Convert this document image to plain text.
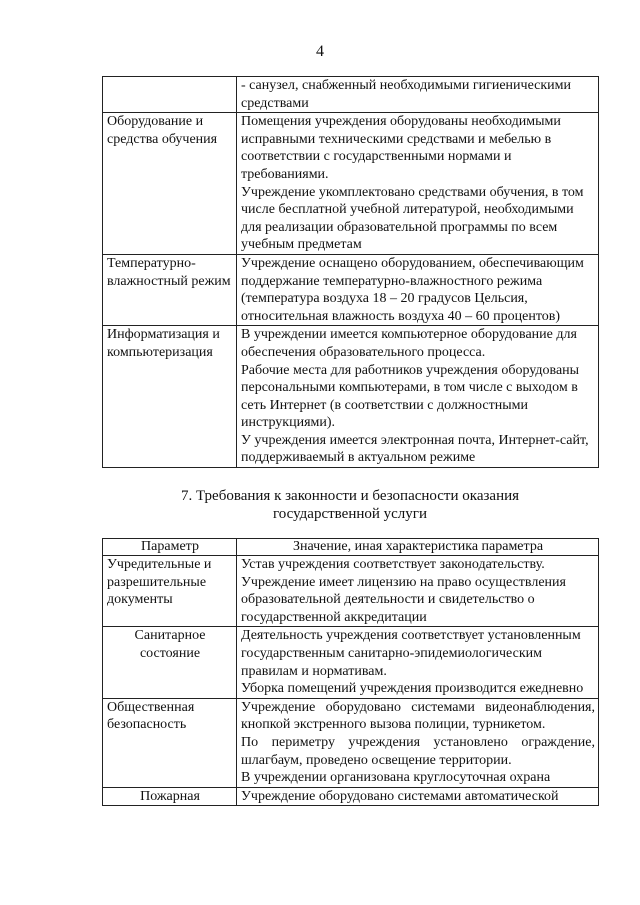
4

	- санузел, снабженный необходимыми гигиеническими средствами

Оборудование и средства обучения	Помещения учреждения оборудованы необходимыми исправными техническими средствами и мебелью в соответствии с государственными нормами и требованиями.
Учреждение укомплектовано средствами обучения, в том числе бесплатной учебной литературой, необходимыми для реализации образовательной программы по всем учебным предметам

Температурно-влажностный режим	Учреждение оснащено оборудованием, обеспечивающим поддержание температурно-влажностного режима (температура воздуха 18 – 20 градусов Цельсия, относительная влажность воздуха 40 – 60 процентов)

Информатизация и компьютеризация	В учреждении имеется компьютерное оборудование для обеспечения образовательного процесса.
Рабочие места для работников учреждения оборудованы персональными компьютерами, в том числе с выходом в сеть Интернет (в соответствии с должностными инструкциями).
У учреждения имеется электронная почта, Интернет-сайт, поддерживаемый в актуальном режиме
7. Требования к законности и безопасности оказания
государственной услуги
Параметр	Значение, иная характеристика параметра
Учредительные и разрешительные документы	Устав учреждения соответствует законодательству.
Учреждение имеет лицензию на право осуществления образовательной деятельности и свидетельство о государственной аккредитации

Санитарное состояние	Деятельность учреждения соответствует установленным государственным санитарно-эпидемиологическим правилам и нормативам.
Уборка помещений учреждения производится ежедневно

Общественная безопасность	Учреждение оборудовано системами видеонаблюдения, кнопкой экстренного вызова полиции, турникетом.
По периметру учреждения установлено ограждение, шлагбаум, проведено освещение территории.
В учреждении организована круглосуточная охрана

Пожарная	Учреждение оборудовано системами автоматической
